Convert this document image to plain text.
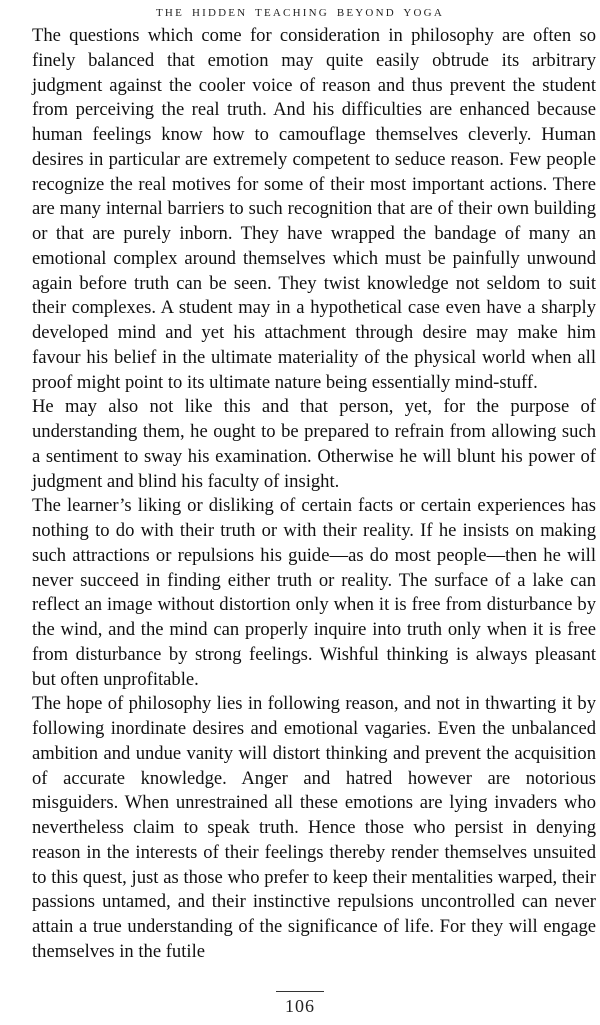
THE HIDDEN TEACHING BEYOND YOGA

The questions which come for consideration in philosophy are often so finely balanced that emotion may quite easily obtrude its arbitrary judgment against the cooler voice of reason and thus prevent the student from perceiving the real truth. And his difficulties are enhanced because human feelings know how to camouflage themselves cleverly. Human desires in particular are extremely competent to seduce reason. Few people recognize the real motives for some of their most important actions. There are many internal barriers to such recognition that are of their own building or that are purely inborn. They have wrapped the bandage of many an emotional complex around themselves which must be painfully unwound again before truth can be seen. They twist knowledge not seldom to suit their complexes. A student may in a hypothetical case even have a sharply developed mind and yet his attachment through desire may make him favour his belief in the ultimate materiality of the physical world when all proof might point to its ultimate nature being essentially mind-stuff.

He may also not like this and that person, yet, for the purpose of understanding them, he ought to be prepared to refrain from allowing such a sentiment to sway his examination. Otherwise he will blunt his power of judgment and blind his faculty of insight.

The learner’s liking or disliking of certain facts or certain experiences has nothing to do with their truth or with their reality. If he insists on making such attractions or repulsions his guide—as do most people—then he will never succeed in finding either truth or reality. The surface of a lake can reflect an image without distortion only when it is free from disturbance by the wind, and the mind can properly inquire into truth only when it is free from disturbance by strong feelings. Wishful thinking is always pleasant but often unprofitable.

The hope of philosophy lies in following reason, and not in thwarting it by following inordinate desires and emotional vagaries. Even the unbalanced ambition and undue vanity will distort thinking and prevent the acquisition of accurate knowledge. Anger and hatred however are notorious misguiders. When unrestrained all these emotions are lying invaders who nevertheless claim to speak truth. Hence those who persist in denying reason in the interests of their feelings thereby render themselves unsuited to this quest, just as those who prefer to keep their mentalities warped, their passions untamed, and their instinctive repulsions uncontrolled can never attain a true understanding of the significance of life. For they will engage themselves in the futile

106
